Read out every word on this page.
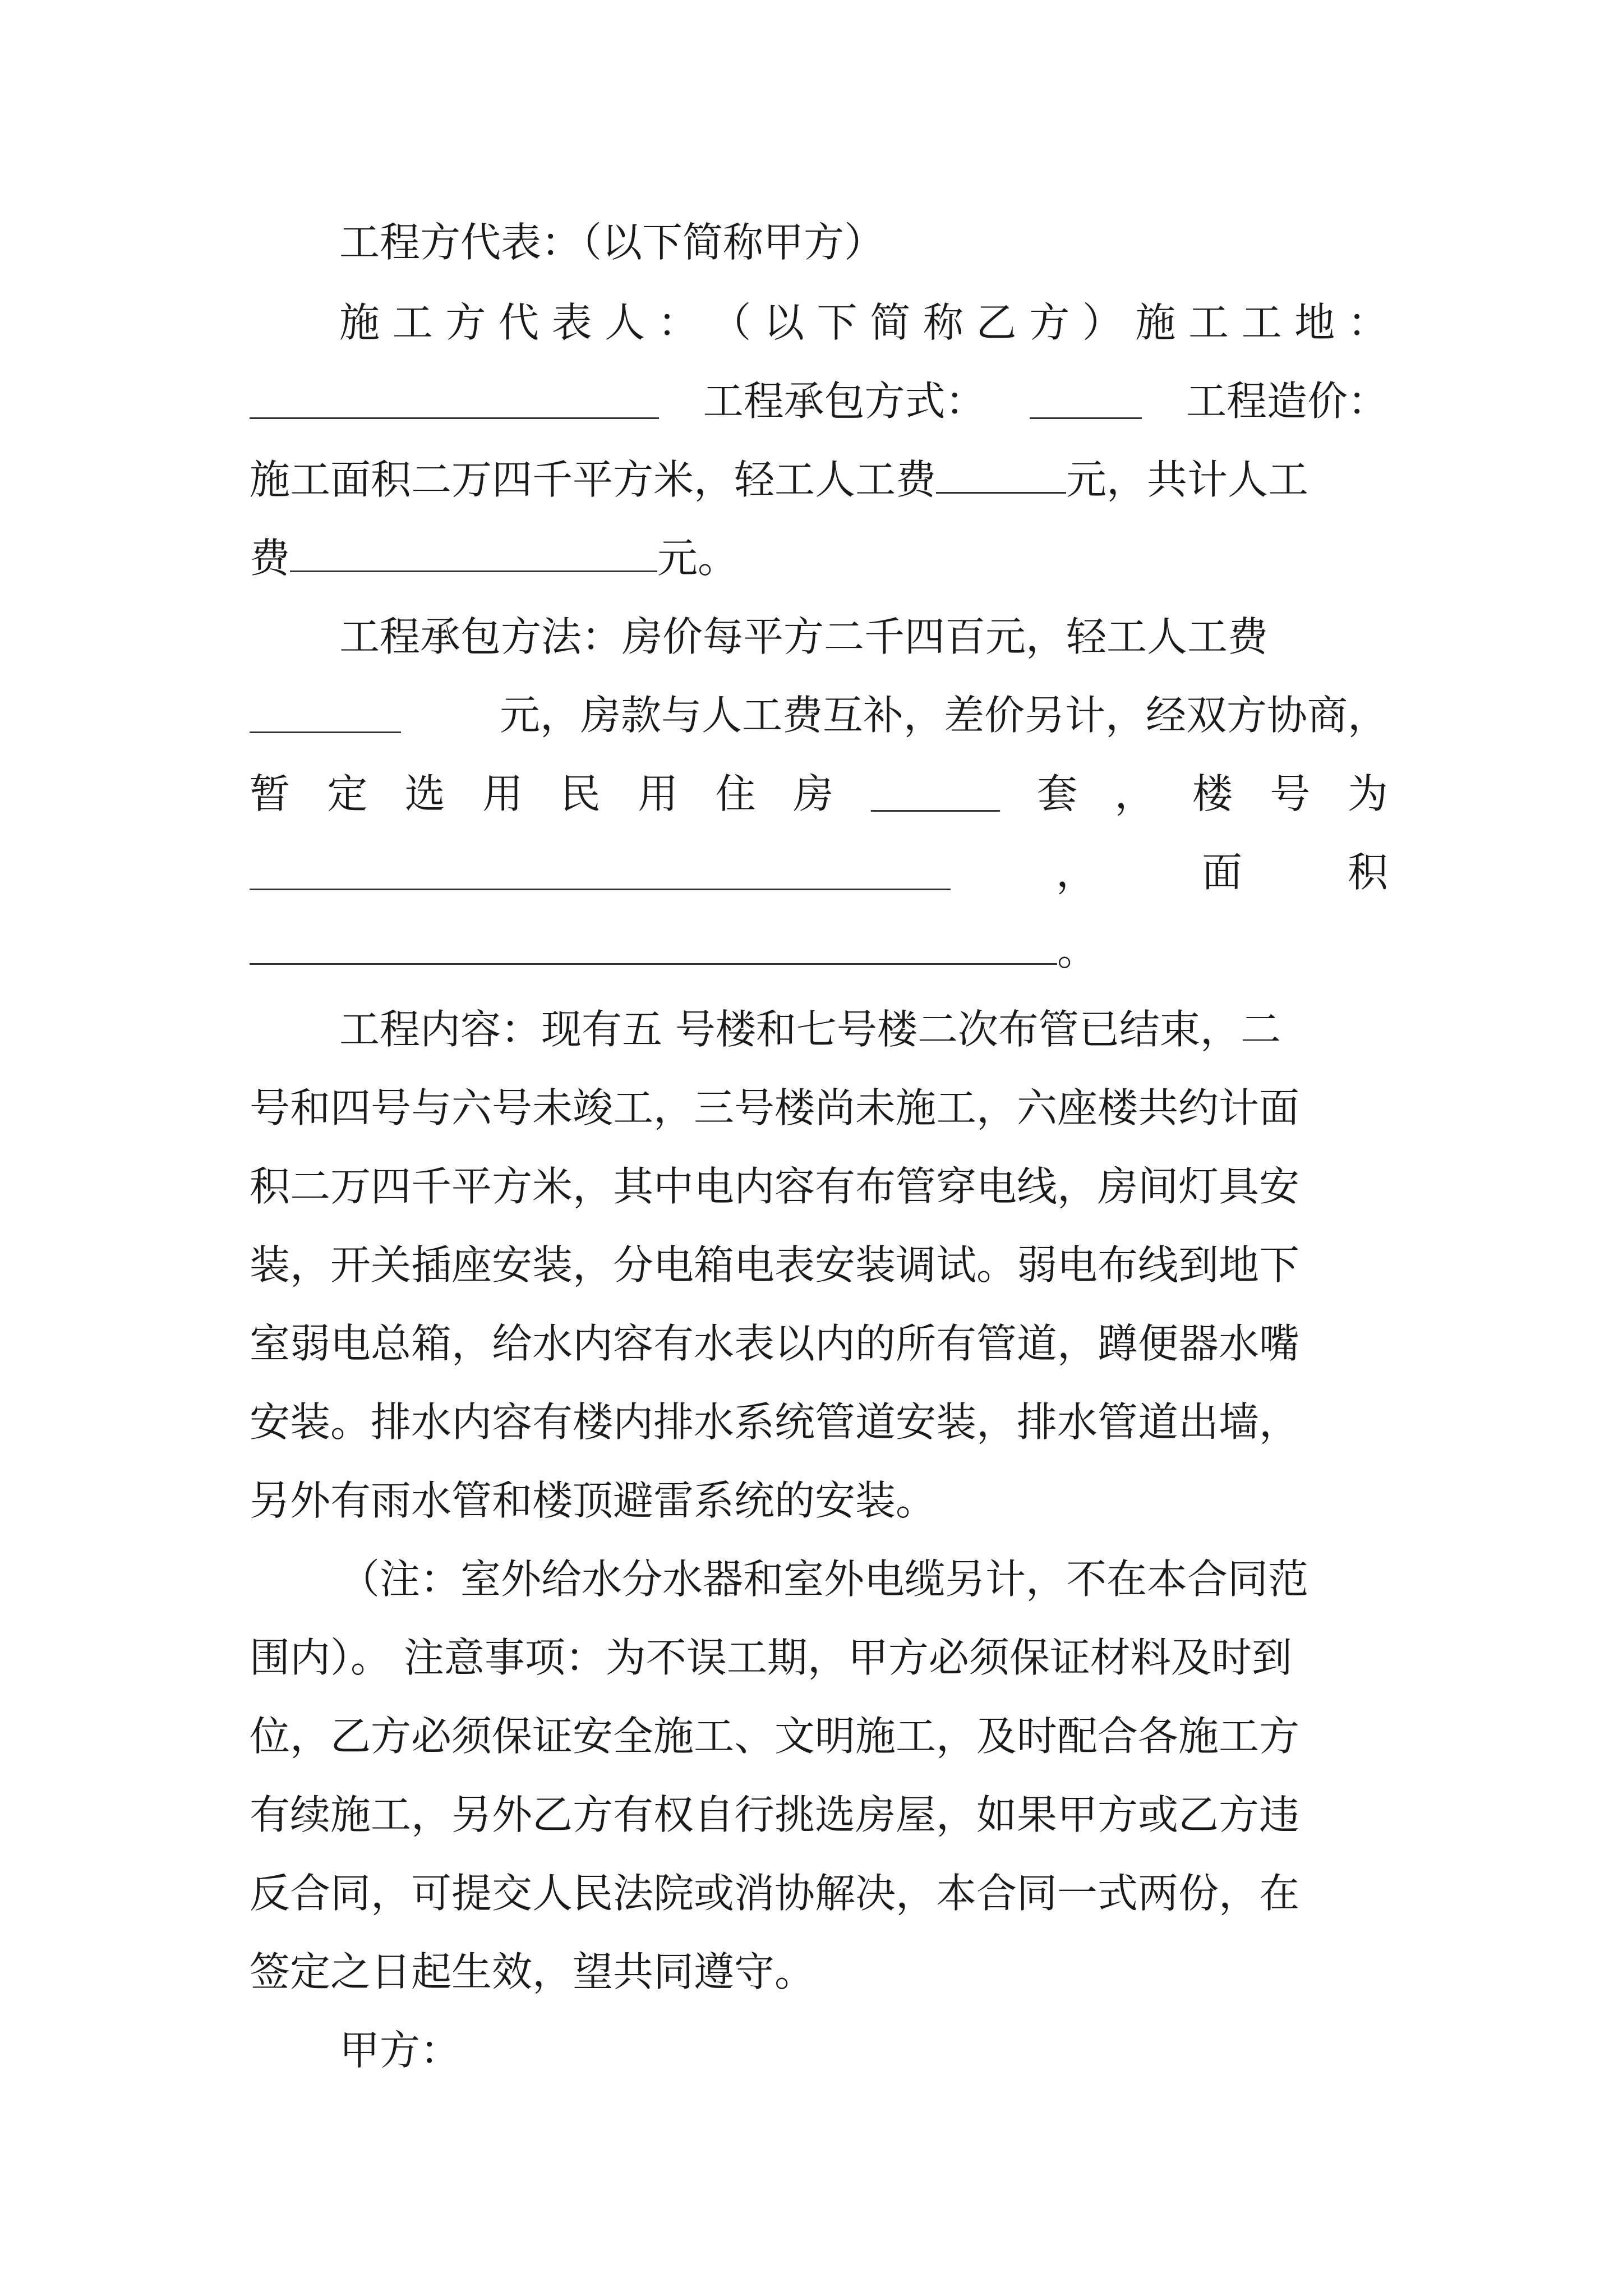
工程方代表：（以下简称甲方）
施 工 方 代 表 人 ： （ 以 下 简 称 乙 方 ） 施 工 工 地 ：
工程承包方式：	工程造价：
施工面积二万四千平方米，轻工人工费	元，共计人工
费	元。
工程承包方法：房价每平方二千四百元，轻工人工费
元，房款与人工费互补，差价另计，经双方协商，
暂 定 选 用 民 用 住 房	套 ， 楼 号 为
，	面	积
。
工程内容：现有五 号楼和七号楼二次布管已结束，二
号和四号与六号未竣工，三号楼尚未施工，六座楼共约计面
积二万四千平方米，其中电内容有布管穿电线，房间灯具安
装，开关插座安装，分电箱电表安装调试。弱电布线到地下
室弱电总箱，给水内容有水表以内的所有管道，蹲便器水嘴
安装。排水内容有楼内排水系统管道安装，排水管道出墙，
另外有雨水管和楼顶避雷系统的安装。
（注：室外给水分水器和室外电缆另计，不在本合同范
围内）。 注意事项：为不误工期，甲方必须保证材料及时到
位，乙方必须保证安全施工、文明施工，及时配合各施工方
有续施工，另外乙方有权自行挑选房屋，如果甲方或乙方违
反合同，可提交人民法院或消协解决，本合同一式两份，在
签定之日起生效，望共同遵守。
甲方：
